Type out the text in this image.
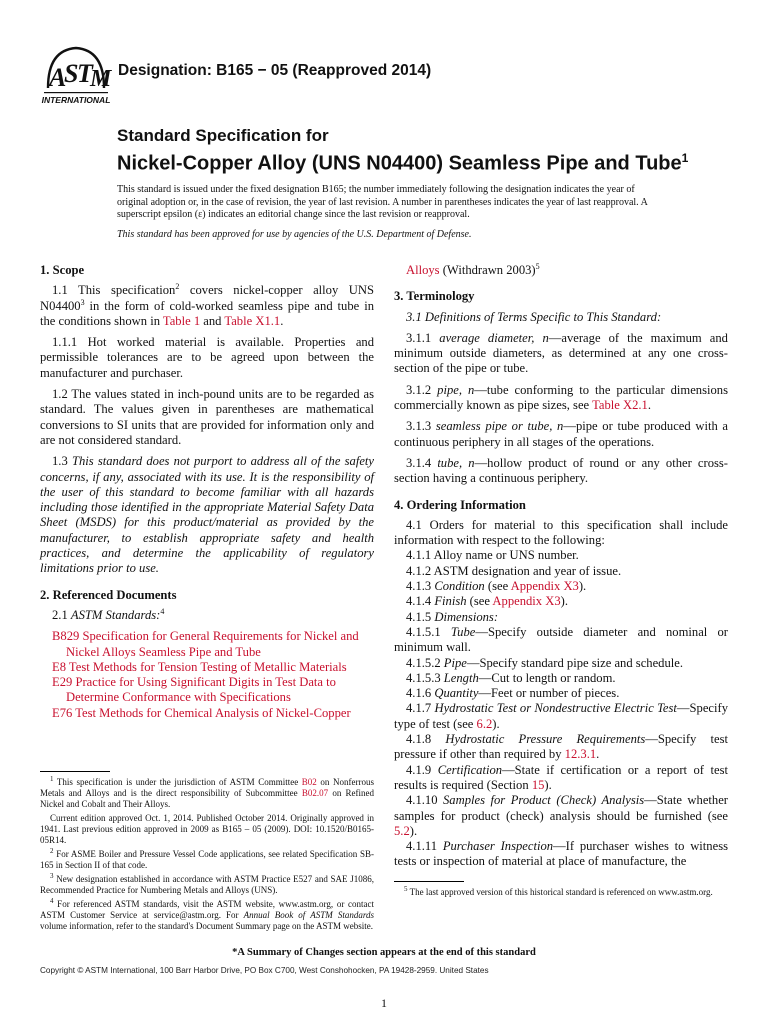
A
S
T
M
INTERNATIONAL
Designation: B165 − 05 (Reapproved 2014)
Standard Specification for
Nickel-Copper Alloy (UNS N04400) Seamless Pipe and Tube$^1$

This standard is issued under the fixed designation B165; the number immediately following the designation indicates the year of original adoption or, in the case of revision, the year of last revision. A number in parentheses indicates the year of last reapproval. A superscript epsilon (ε) indicates an editorial change since the last revision or reapproval.

This standard has been approved for use by agencies of the U.S. Department of Defense.

1. Scope

1.1 This specification$^2$ covers nickel-copper alloy UNS N04400$^3$ in the form of cold-worked seamless pipe and tube in the conditions shown in Table 1 and Table X1.1.

1.1.1 Hot worked material is available. Properties and permissible tolerances are to be agreed upon between the manufacturer and purchaser.

1.2 The values stated in inch-pound units are to be regarded as standard. The values given in parentheses are mathematical conversions to SI units that are provided for information only and are not considered standard.

1.3 This standard does not purport to address all of the safety concerns, if any, associated with its use. It is the responsibility of the user of this standard to become familiar with all hazards including those identified in the appropriate Material Safety Data Sheet (MSDS) for this product/material as provided by the manufacturer, to establish appropriate safety and health practices, and determine the applicability of regulatory limitations prior to use.

2. Referenced Documents

2.1 ASTM Standards:$^4$

B829 Specification for General Requirements for Nickel and Nickel Alloys Seamless Pipe and Tube
E8 Test Methods for Tension Testing of Metallic Materials
E29 Practice for Using Significant Digits in Test Data to Determine Conformance with Specifications
E76 Test Methods for Chemical Analysis of Nickel-Copper
Alloys (Withdrawn 2003)$^5$
3. Terminology

3.1 Definitions of Terms Specific to This Standard:

3.1.1 average diameter, n—average of the maximum and minimum outside diameters, as determined at any one cross-section of the pipe or tube.

3.1.2 pipe, n—tube conforming to the particular dimensions commercially known as pipe sizes, see Table X2.1.

3.1.3 seamless pipe or tube, n—pipe or tube produced with a continuous periphery in all stages of the operations.

3.1.4 tube, n—hollow product of round or any other cross-section having a continuous periphery.

4. Ordering Information

4.1 Orders for material to this specification shall include information with respect to the following:

4.1.1 Alloy name or UNS number.

4.1.2 ASTM designation and year of issue.

4.1.3 Condition (see Appendix X3).

4.1.4 Finish (see Appendix X3).

4.1.5 Dimensions:

4.1.5.1 Tube—Specify outside diameter and nominal or minimum wall.

4.1.5.2 Pipe—Specify standard pipe size and schedule.

4.1.5.3 Length—Cut to length or random.

4.1.6 Quantity—Feet or number of pieces.

4.1.7 Hydrostatic Test or Nondestructive Electric Test—Specify type of test (see 6.2).

4.1.8 Hydrostatic Pressure Requirements—Specify test pressure if other than required by 12.3.1.

4.1.9 Certification—State if certification or a report of test results is required (Section 15).

4.1.10 Samples for Product (Check) Analysis—State whether samples for product (check) analysis should be furnished (see 5.2).

4.1.11 Purchaser Inspection—If purchaser wishes to witness tests or inspection of material at place of manufacture, the

$^1$ This specification is under the jurisdiction of ASTM Committee B02 on Nonferrous Metals and Alloys and is the direct responsibility of Subcommittee B02.07 on Refined Nickel and Cobalt and Their Alloys.

Current edition approved Oct. 1, 2014. Published October 2014. Originally approved in 1941. Last previous edition approved in 2009 as B165 – 05 (2009). DOI: 10.1520/B0165-05R14.

$^2$ For ASME Boiler and Pressure Vessel Code applications, see related Specification SB-165 in Section II of that code.

$^3$ New designation established in accordance with ASTM Practice E527 and SAE J1086, Recommended Practice for Numbering Metals and Alloys (UNS).

$^4$ For referenced ASTM standards, visit the ASTM website, www.astm.org, or contact ASTM Customer Service at service@astm.org. For Annual Book of ASTM Standards volume information, refer to the standard's Document Summary page on the ASTM website.

$^5$ The last approved version of this historical standard is referenced on www.astm.org.

*A Summary of Changes section appears at the end of this standard
Copyright © ASTM International, 100 Barr Harbor Drive, PO Box C700, West Conshohocken, PA 19428-2959. United States
1
